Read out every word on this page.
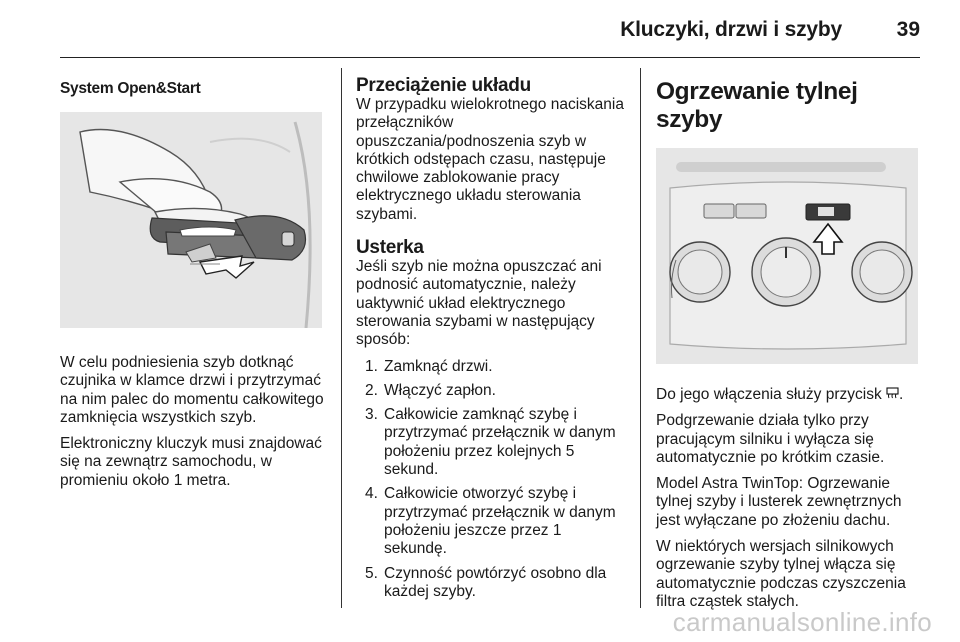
Kluczyki, drzwi i szyby	39
System Open&Start

W celu podniesienia szyb dotknąć czujnika w klamce drzwi i przytrzymać na nim palec do momentu całkowitego zamknięcia wszystkich szyb.

Elektroniczny kluczyk musi znajdować się na zewnątrz samochodu, w promieniu około 1 metra.

Przeciążenie układu

W przypadku wielokrotnego naciskania przełączników opuszczania/podnoszenia szyb w krótkich odstępach czasu, następuje chwilowe zablokowanie pracy elektrycznego układu sterowania szybami.

Usterka

Jeśli szyb nie można opuszczać ani podnosić automatycznie, należy uaktywnić układ elektrycznego sterowania szybami w następujący sposób:

1. Zamknąć drzwi.
2. Włączyć zapłon.
3. Całkowicie zamknąć szybę i przytrzymać przełącznik w danym położeniu przez kolejnych 5 sekund.
4. Całkowicie otworzyć szybę i przytrzymać przełącznik w danym położeniu jeszcze przez 1 sekundę.
5. Czynność powtórzyć osobno dla każdej szyby.
Ogrzewanie tylnej szyby

Do jego włączenia służy przycisk .

Podgrzewanie działa tylko przy pracującym silniku i wyłącza się automatycznie po krótkim czasie.

Model Astra TwinTop: Ogrzewanie tylnej szyby i lusterek zewnętrznych jest wyłączane po złożeniu dachu.

W niektórych wersjach silnikowych ogrzewanie szyby tylnej włącza się automatycznie podczas czyszczenia filtra cząstek stałych.

carmanualsonline.info
